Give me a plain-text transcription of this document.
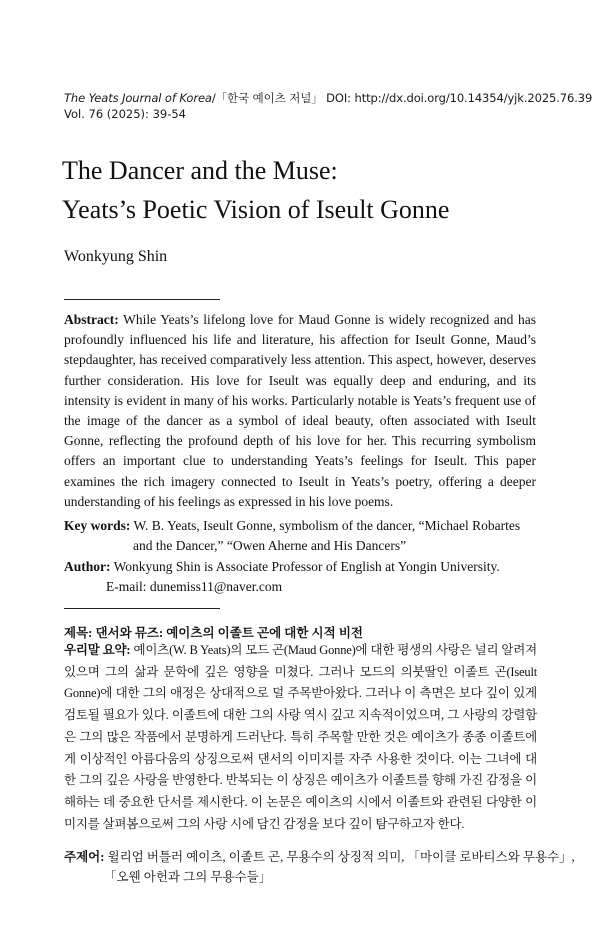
The Yeats Journal of Korea/「한국 예이츠 저널」 DOI: http://dx.doi.org/10.14354/yjk.2025.76.39
Vol. 76 (2025): 39-54
The Dancer and the Muse:
Yeats’s Poetic Vision of Iseult Gonne
Wonkyung Shin
Abstract: While Yeats’s lifelong love for Maud Gonne is widely recognized and has profoundly influenced his life and literature, his affection for Iseult Gonne, Maud’s stepdaughter, has received comparatively less attention. This aspect, however, deserves further consideration. His love for Iseult was equally deep and enduring, and its intensity is evident in many of his works. Particularly notable is Yeats’s frequent use of the image of the dancer as a symbol of ideal beauty, often associated with Iseult Gonne, reflecting the profound depth of his love for her. This recurring symbolism offers an important clue to understanding Yeats’s feelings for Iseult. This paper examines the rich imagery connected to Iseult in Yeats’s poetry, offering a deeper understanding of his feelings as expressed in his love poems.
Key words: W. B. Yeats, Iseult Gonne, symbolism of the dancer, “Michael Robartes
and the Dancer,” “Owen Aherne and His Dancers”
Author: Wonkyung Shin is Associate Professor of English at Yongin University.
E-mail: dunemiss11@naver.com
제목: 댄서와 뮤즈: 예이츠의 이졸트 곤에 대한 시적 비전
우리말 요약: 예이츠(W. B Yeats)의 모드 곤(Maud Gonne)에 대한 평생의 사랑은 널리 알려져 있으며 그의 삶과 문학에 깊은 영향을 미쳤다. 그러나 모드의 의붓딸인 이졸트 곤(Iseult Gonne)에 대한 그의 애정은 상대적으로 덜 주목받아왔다. 그러나 이 측면은 보다 깊이 있게 검토될 필요가 있다. 이졸트에 대한 그의 사랑 역시 깊고 지속적이었으며, 그 사랑의 강렬함은 그의 많은 작품에서 분명하게 드러난다. 특히 주목할 만한 것은 예이츠가 종종 이졸트에게 이상적인 아름다움의 상징으로써 댄서의 이미지를 자주 사용한 것이다. 이는 그녀에 대한 그의 깊은 사랑을 반영한다. 반복되는 이 상징은 예이츠가 이졸트를 향해 가진 감정을 이해하는 데 중요한 단서를 제시한다. 이 논문은 예이츠의 시에서 이졸트와 관련된 다양한 이미지를 살펴봄으로써 그의 사랑 시에 담긴 감정을 보다 깊이 탐구하고자 한다.
주제어: 윌리엄 버틀러 예이츠, 이졸트 곤, 무용수의 상징적 의미, 「마이클 로바티스와 무용수」,
「오웬 아헌과 그의 무용수들」
